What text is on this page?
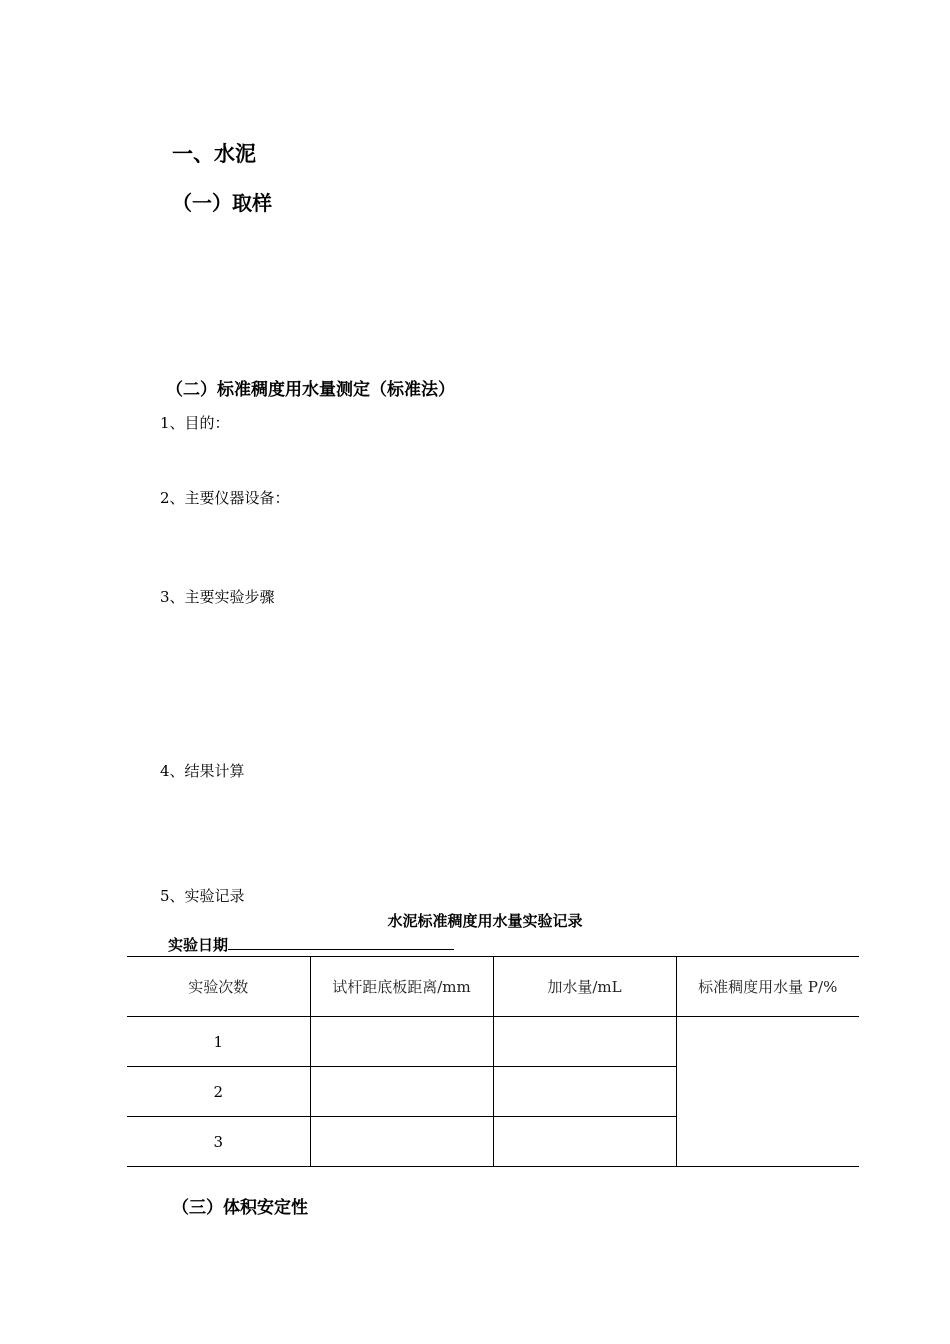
一、水泥
（一）取样
（二）标准稠度用水量测定（标准法）
1、目的：
2、主要仪器设备：
3、主要实验步骤
4、结果计算
5、实验记录
水泥标准稠度用水量实验记录
实验日期
实验次数	试杆距底板距离/mm	加水量/mL	标准稠度用水量 P/%
1			
2			
3			
（三）体积安定性
